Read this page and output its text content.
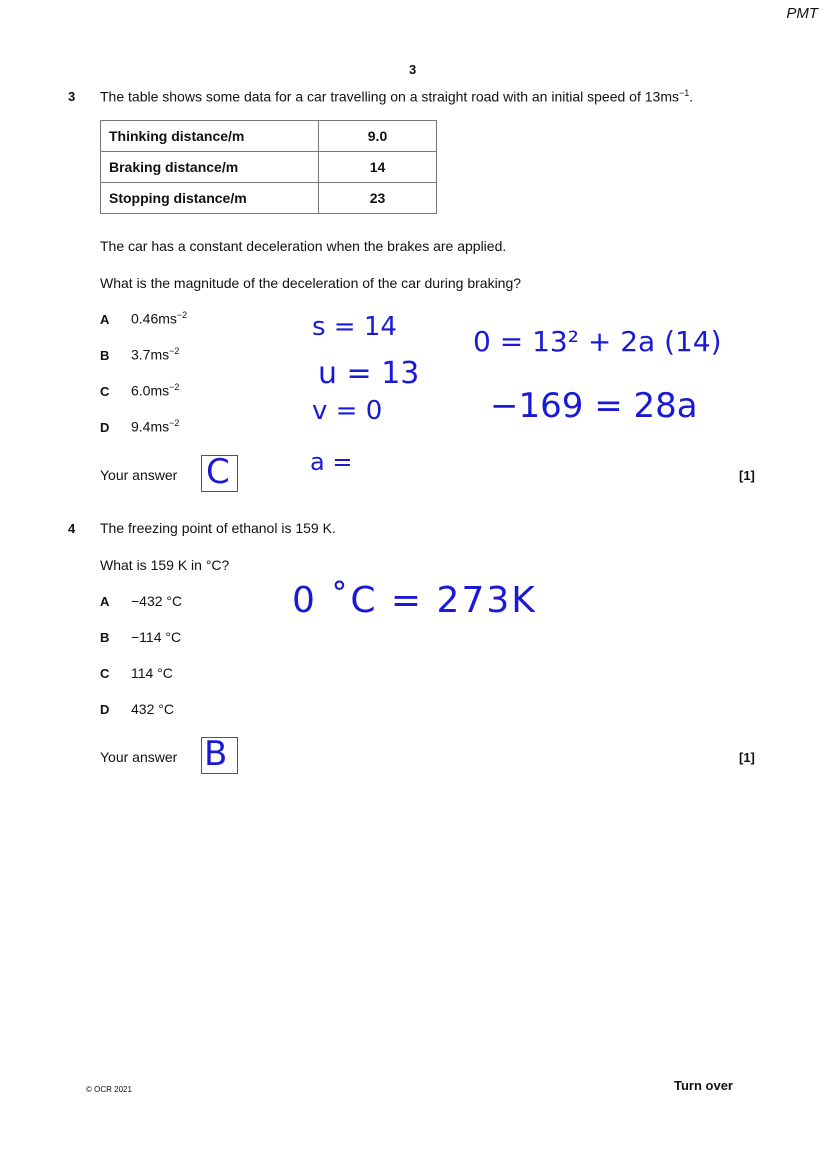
PMT
3
3 The table shows some data for a car travelling on a straight road with an initial speed of $13ms^{-1}$.
Thinking distance/m	9.0
Braking distance/m	14
Stopping distance/m	23
The car has a constant deceleration when the brakes are applied.
What is the magnitude of the deceleration of the car during braking?
A $0.46ms^{-2}$
B $3.7ms^{-2}$
C $6.0ms^{-2}$
D $9.4ms^{-2}$
s = 14
u = 13
v = 0
a =
0 = 13² + 2a (14)
−169 = 28a
Your answer C	[1]
4 The freezing point of ethanol is 159 K.
What is 159 K in °C?
A −432 °C
B −114 °C
C 114 °C
D 432 °C
0 ˚C = 273K
Your answer B	[1]
© OCR 2021	Turn over
